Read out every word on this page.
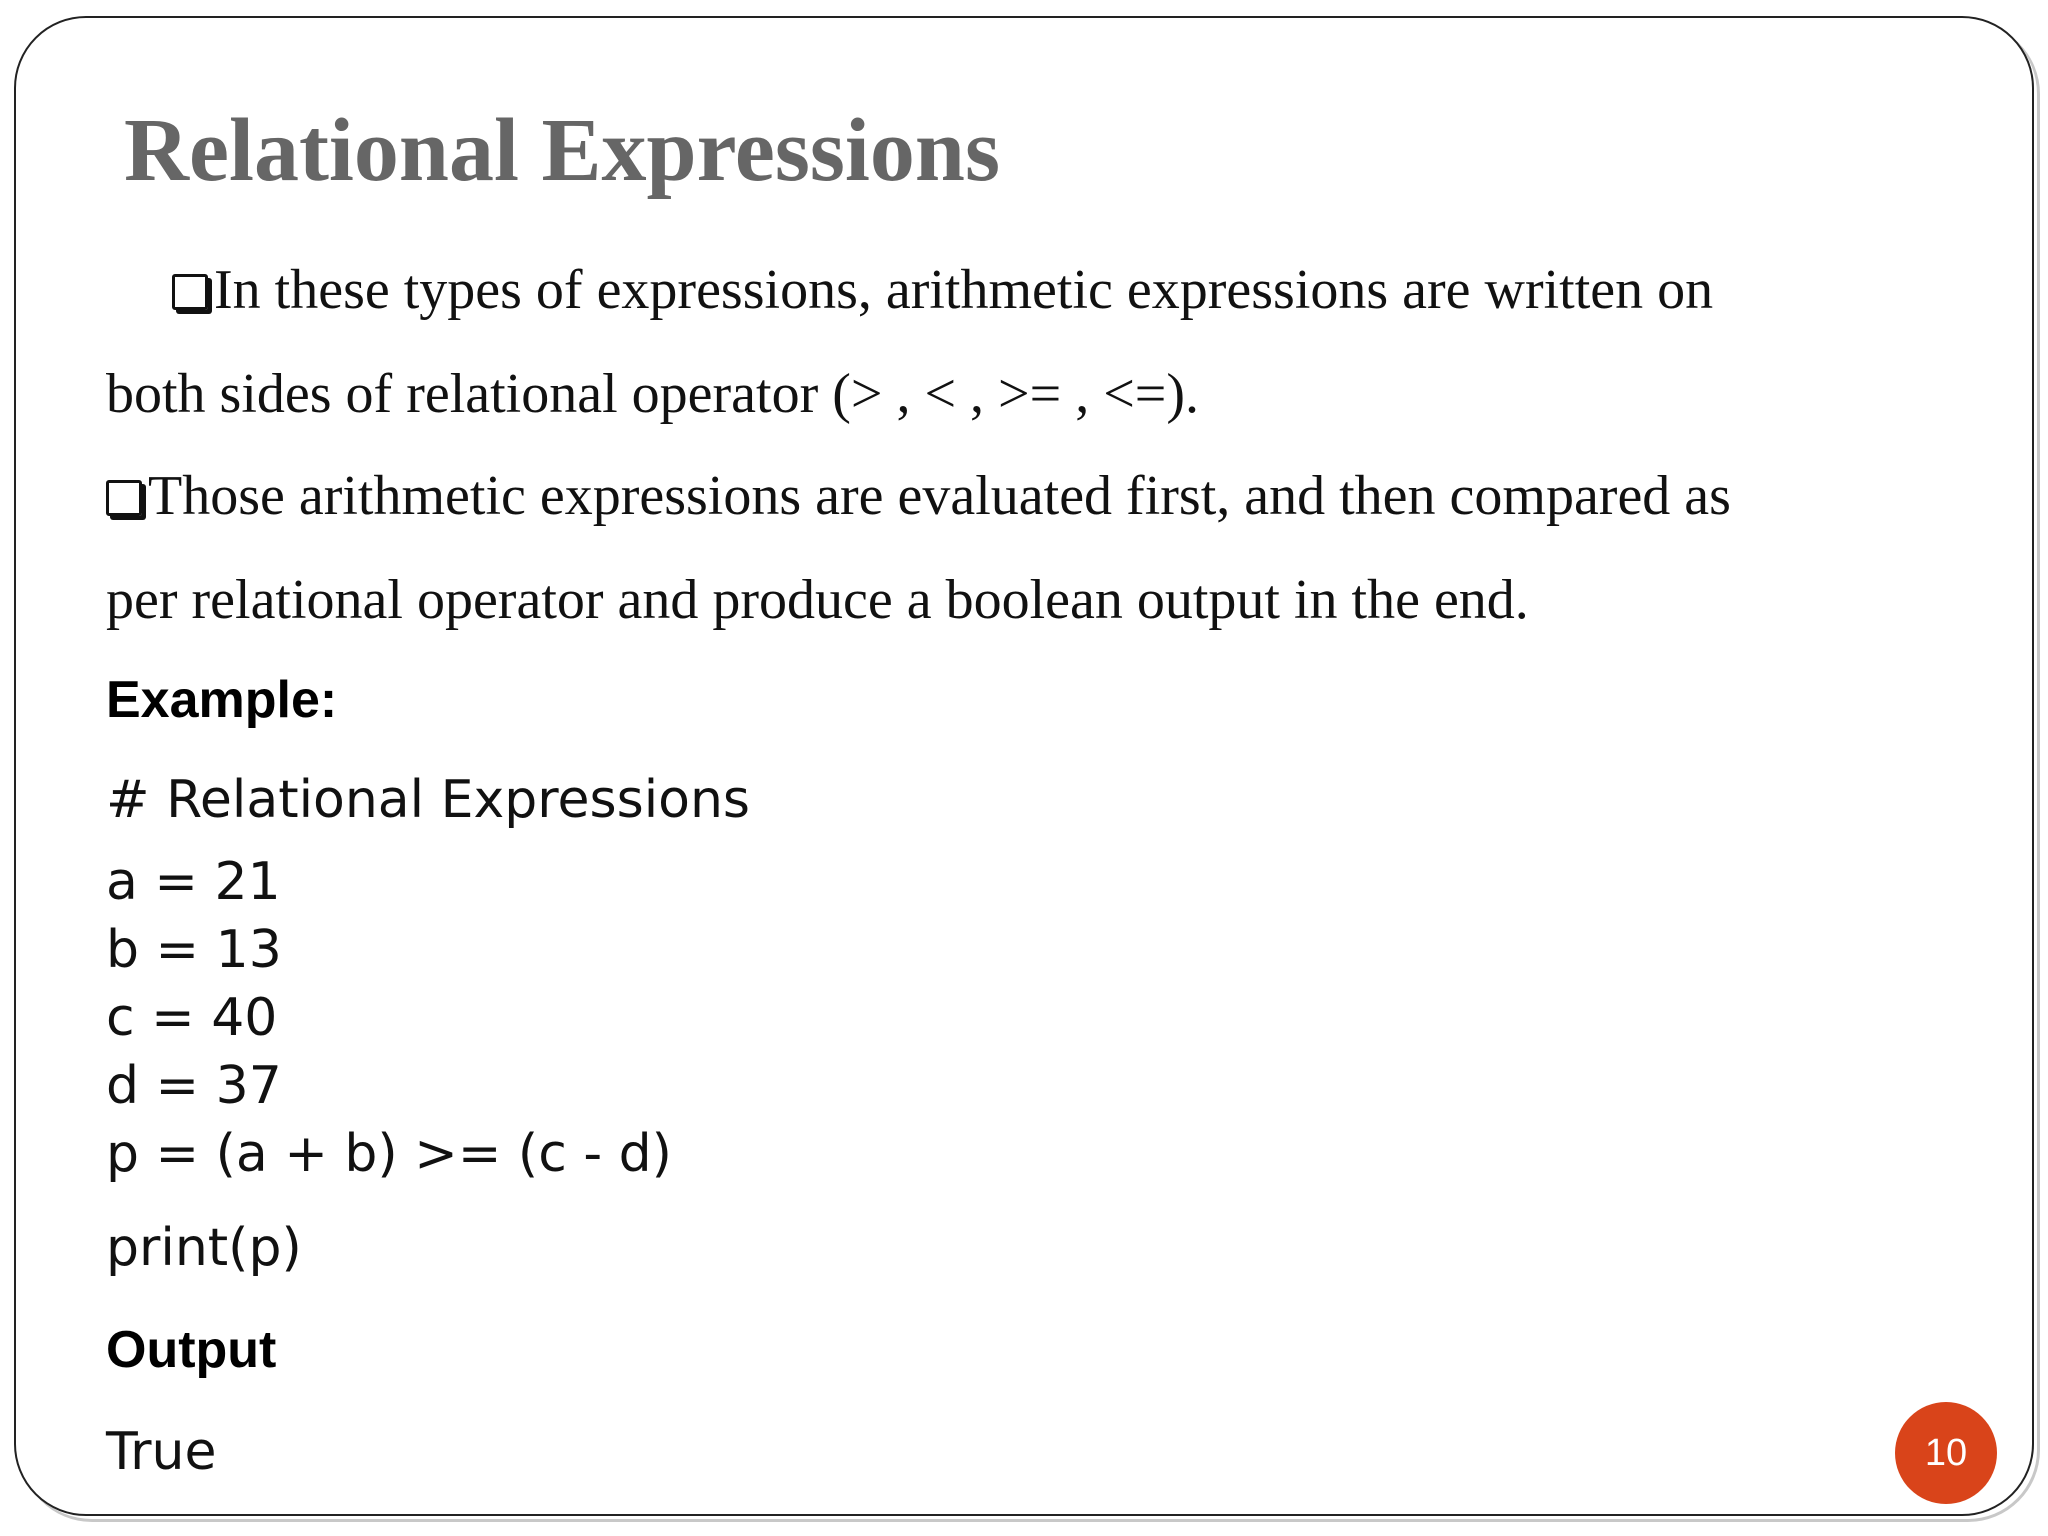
Relational Expressions

In these types of expressions, arithmetic expressions are written on

both sides of relational operator (> , < , >= , <=).

Those arithmetic expressions are evaluated first, and then compared as

per relational operator and produce a boolean output in the end.

Example:

# Relational Expressions

a = 21
b = 13
c = 40
d = 37
p = (a + b) >= (c - d)

print(p)

Output

True	10
